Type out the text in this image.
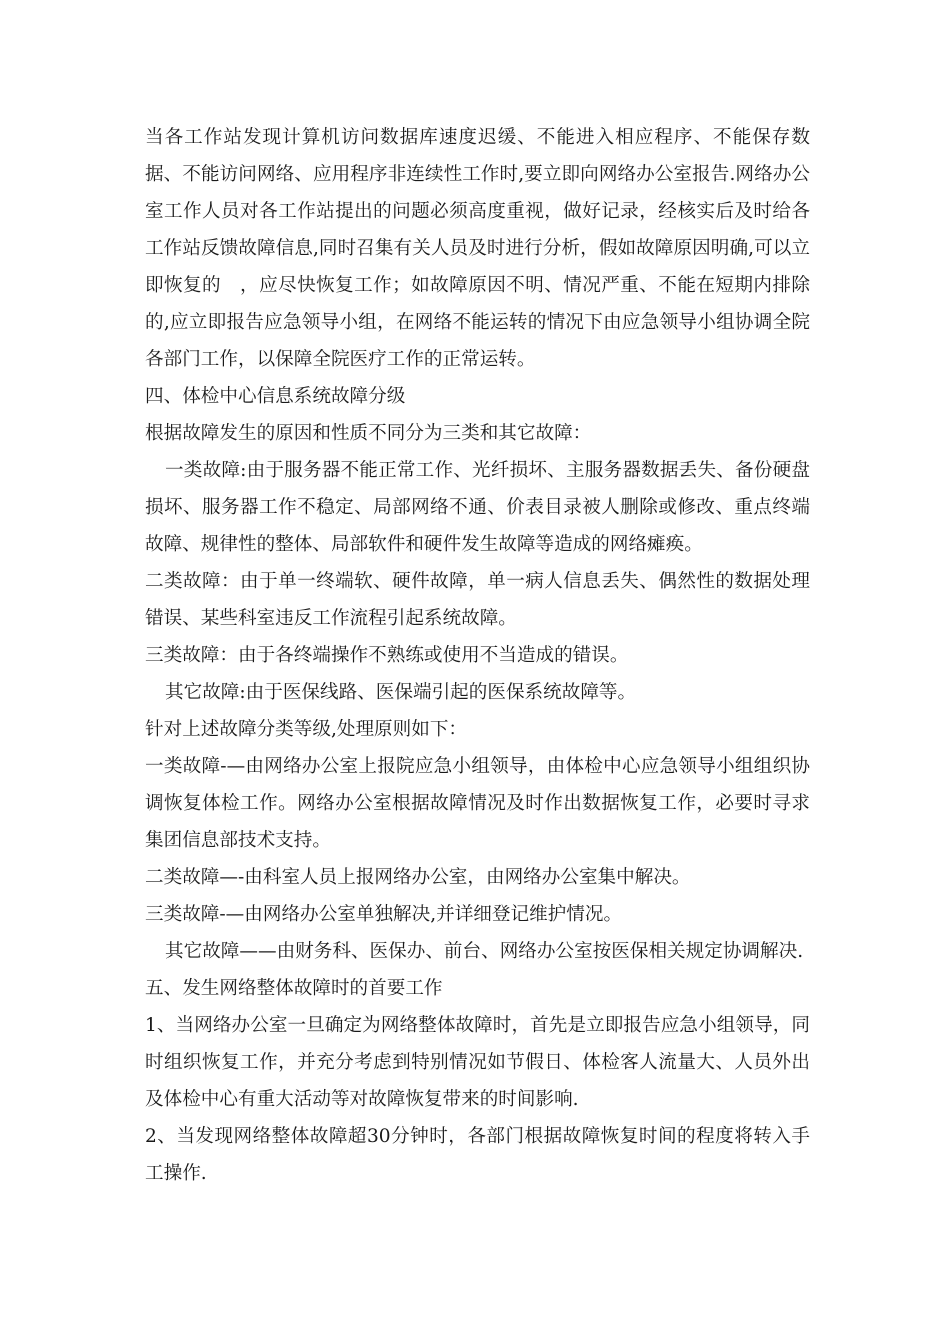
当各工作站发现计算机访问数据库速度迟缓、不能进入相应程序、不能保存数据、不能访问网络、应用程序非连续性工作时,要立即向网络办公室报告.网络办公室工作人员对各工作站提出的问题必须高度重视，做好记录，经核实后及时给各工作站反馈故障信息,同时召集有关人员及时进行分析，假如故障原因明确,可以立即恢复的　，应尽快恢复工作；如故障原因不明、情况严重、不能在短期内排除的,应立即报告应急领导小组，在网络不能运转的情况下由应急领导小组协调全院各部门工作，以保障全院医疗工作的正常运转。

四、体检中心信息系统故障分级

根据故障发生的原因和性质不同分为三类和其它故障：

一类故障:由于服务器不能正常工作、光纤损坏、主服务器数据丢失、备份硬盘损坏、服务器工作不稳定、局部网络不通、价表目录被人删除或修改、重点终端故障、规律性的整体、局部软件和硬件发生故障等造成的网络瘫痪。

二类故障：由于单一终端软、硬件故障，单一病人信息丢失、偶然性的数据处理错误、某些科室违反工作流程引起系统故障。

三类故障：由于各终端操作不熟练或使用不当造成的错误。

其它故障:由于医保线路、医保端引起的医保系统故障等。

针对上述故障分类等级,处理原则如下：

一类故障-—由网络办公室上报院应急小组领导，由体检中心应急领导小组组织协调恢复体检工作。网络办公室根据故障情况及时作出数据恢复工作，必要时寻求集团信息部技术支持。

二类故障—-由科室人员上报网络办公室，由网络办公室集中解决。

三类故障-—由网络办公室单独解决,并详细登记维护情况。

其它故障——由财务科、医保办、前台、网络办公室按医保相关规定协调解决.

五、发生网络整体故障时的首要工作

1、当网络办公室一旦确定为网络整体故障时，首先是立即报告应急小组领导，同时组织恢复工作，并充分考虑到特别情况如节假日、体检客人流量大、人员外出及体检中心有重大活动等对故障恢复带来的时间影响.

2、当发现网络整体故障超30分钟时，各部门根据故障恢复时间的程度将转入手工操作.
